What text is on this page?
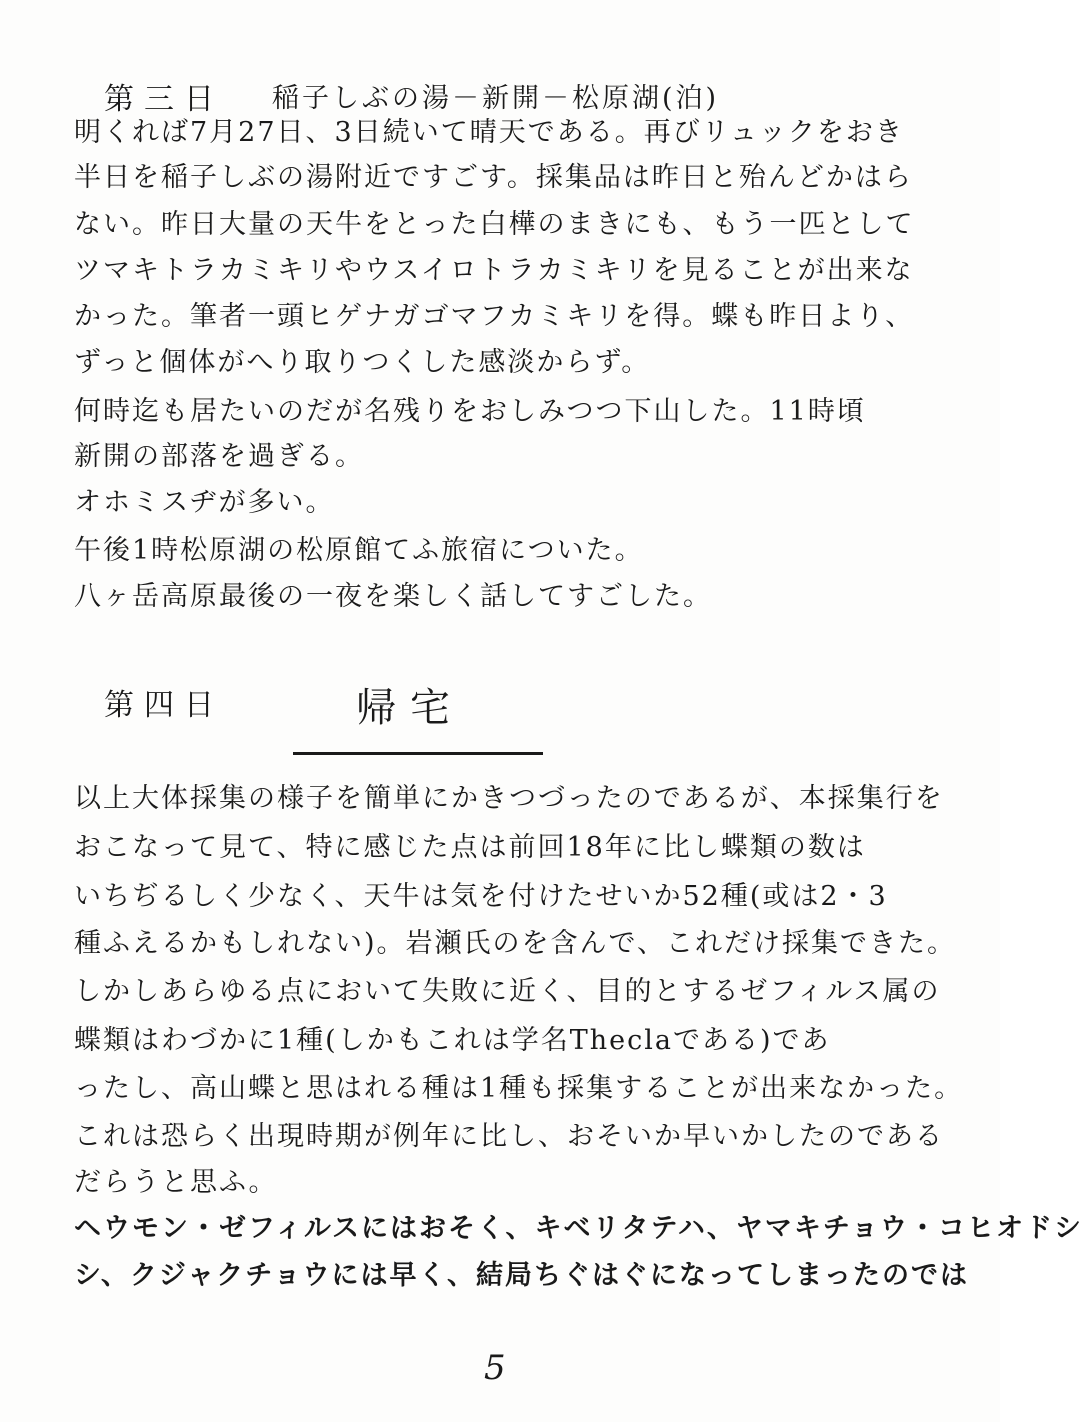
第三日 稲子しぶの湯－新開－松原湖(泊)
明くれば7月27日、3日続いて晴天である。再びリュックをおき
半日を稲子しぶの湯附近ですごす。採集品は昨日と殆んどかはら
ない。昨日大量の天牛をとった白樺のまきにも、もう一匹として
ツマキトラカミキリやウスイロトラカミキリを見ることが出来な
かった。筆者一頭ヒゲナガゴマフカミキリを得。蝶も昨日より、
ずっと個体がへり取りつくした感淡からず。
何時迄も居たいのだが名残りをおしみつつ下山した。11時頃
新開の部落を過ぎる。
オホミスヂが多い。
午後1時松原湖の松原館てふ旅宿についた。
八ヶ岳高原最後の一夜を楽しく話してすごした。
第四日	帰宅
以上大体採集の様子を簡単にかきつづったのであるが、本採集行を
おこなって見て、特に感じた点は前回18年に比し蝶類の数は
いちぢるしく少なく、天牛は気を付けたせいか52種(或は2・3
種ふえるかもしれない)。岩瀬氏のを含んで、これだけ採集できた。
しかしあらゆる点において失敗に近く、目的とするゼフィルス属の
蝶類はわづかに1種(しかもこれは学名Theclaである)であ
ったし、高山蝶と思はれる種は1種も採集することが出来なかった。
これは恐らく出現時期が例年に比し、おそいか早いかしたのである
だらうと思ふ。
ヘウモン・ゼフィルスにはおそく、キベリタテハ、ヤマキチョウ・コヒオドシ
シ、クジャクチョウには早く、結局ちぐはぐになってしまったのでは
5
